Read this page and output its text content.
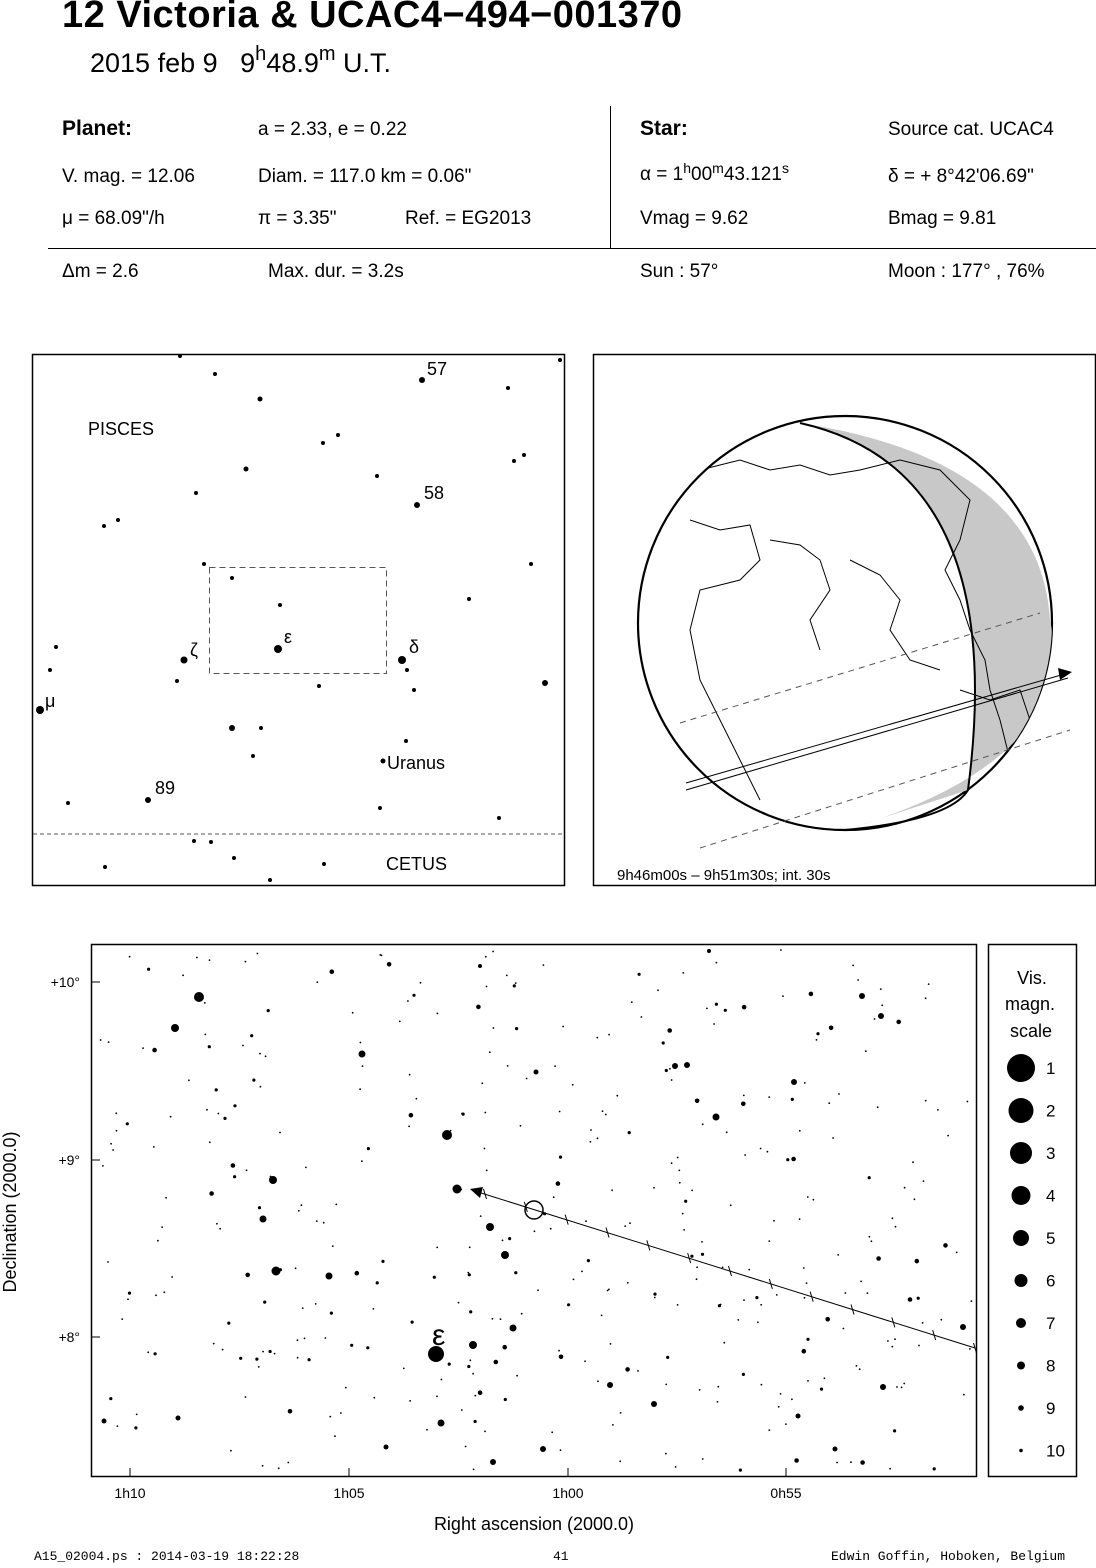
12 Victoria & UCAC4−494−001370
2015 feb 9 9$^h$48.9$^m$ U.T.
Planet:	a = 2.33, e = 0.22
V. mag. = 12.06	Diam. = 117.0 km = 0.06"
μ = 68.09"/h	π = 3.35"	Ref. = EG2013
Star:	Source cat. UCAC4
$\alpha = 1^h00^m43.121^s$	δ = + 8°42'06.69"
Vmag = 9.62	Bmag = 9.81
Δm = 2.6	Max. dur. = 3.2s	Sun : 57°	Moon : 177° , 76%
57
58
PISCES
ε	δ
ζ
μ
Uranus
89
CETUS
9h46m00s – 9h51m30s; int. 30s
ε
+10°
+9°
+8°
1h10	1h05	1h00	0h55
Right ascension (2000.0)
Declination (2000.0)
Vis.
magn.
scale
1
2
3
4
5
6
7
8
9
10
A15_02004.ps : 2014-03-19 18:22:28	41	Edwin Goffin, Hoboken, Belgium
